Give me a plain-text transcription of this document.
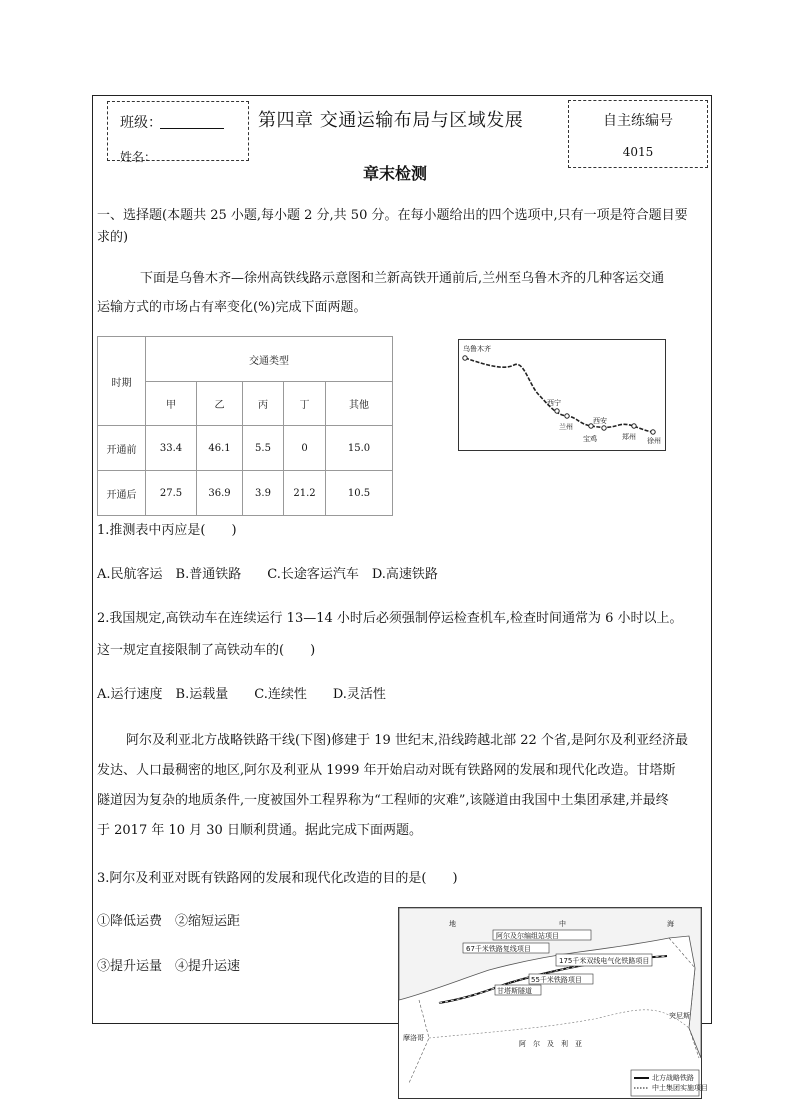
班级：
姓名：
第四章 交通运输布局与区域发展	自主练编号
4015
章末检测
一、选择题(本题共 25 小题,每小题 2 分,共 50 分。在每小题给出的四个选项中,只有一项是符合题目要
求的)
下面是乌鲁木齐—徐州高铁线路示意图和兰新高铁开通前后,兰州至乌鲁木齐的几种客运交通
运输方式的市场占有率变化(%)完成下面两题。
时期	交通类型				
	甲	乙	丙	丁	其他
开通前	33.4	46.1	5.5	0	15.0
开通后	27.5	36.9	3.9	21.2	10.5
乌鲁木齐
西宁
兰州
西安
宝鸡	郑州 徐州
1.推测表中丙应是(　　)
A.民航客运　B.普通铁路　　C.长途客运汽车　D.高速铁路
2.我国规定,高铁动车在连续运行 13—14 小时后必须强制停运检查机车,检查时间通常为 6 小时以上。
这一规定直接限制了高铁动车的(　　)
A.运行速度　B.运载量　　C.连续性　　D.灵活性
阿尔及利亚北方战略铁路干线(下图)修建于 19 世纪末,沿线跨越北部 22 个省,是阿尔及利亚经济最
发达、人口最稠密的地区,阿尔及利亚从 1999 年开始启动对既有铁路网的发展和现代化改造。甘塔斯
隧道因为复杂的地质条件,一度被国外工程界称为“工程师的灾难”,该隧道由我国中土集团承建,并最终
于 2017 年 10 月 30 日顺利贯通。据此完成下面两题。
3.阿尔及利亚对既有铁路网的发展和现代化改造的目的是(　　)
①降低运费　②缩短运距
③提升运量　④提升运速
地	中	海
阿尔及尔编组站项目
67千米铁路复线项目
175千米双线电气化铁路项目
55千米铁路项目
甘塔斯隧道
阿　尔　及　利　亚
摩洛哥
突尼斯
北方战略铁路
中土集团实施项目
